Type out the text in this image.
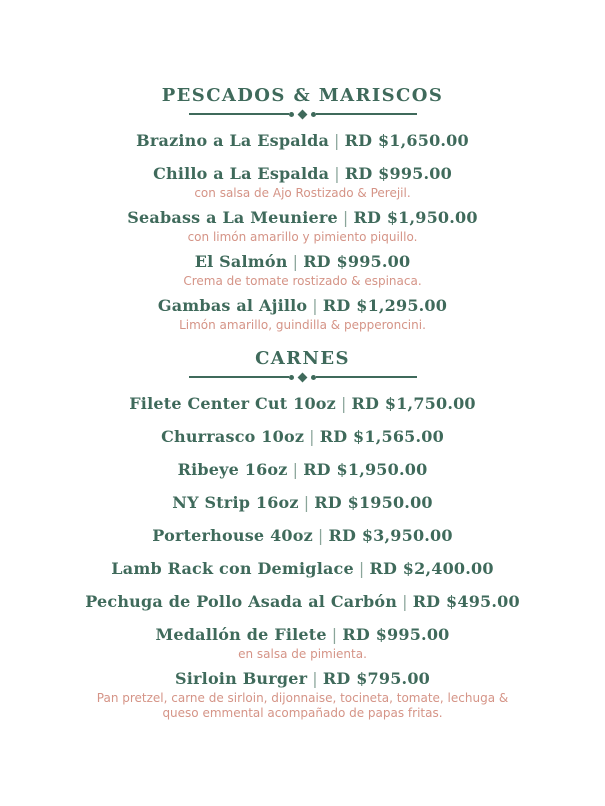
PESCADOS & MARISCOS
Brazino a La Espalda | RD $1,650.00
Chillo a La Espalda | RD $995.00
con salsa de Ajo Rostizado & Perejil.
Seabass a La Meuniere | RD $1,950.00
con limón amarillo y pimiento piquillo.
El Salmón | RD $995.00
Crema de tomate rostizado & espinaca.
Gambas al Ajillo | RD $1,295.00
Limón amarillo, guindilla & pepperoncini.
CARNES
Filete Center Cut 10oz | RD $1,750.00
Churrasco 10oz | RD $1,565.00
Ribeye 16oz | RD $1,950.00
NY Strip 16oz | RD $1950.00
Porterhouse 40oz | RD $3,950.00
Lamb Rack con Demiglace | RD $2,400.00
Pechuga de Pollo Asada al Carbón | RD $495.00
Medallón de Filete | RD $995.00
en salsa de pimienta.
Sirloin Burger | RD $795.00
Pan pretzel, carne de sirloin, dijonnaise, tocineta, tomate, lechuga & queso emmental acompañado de papas fritas.
